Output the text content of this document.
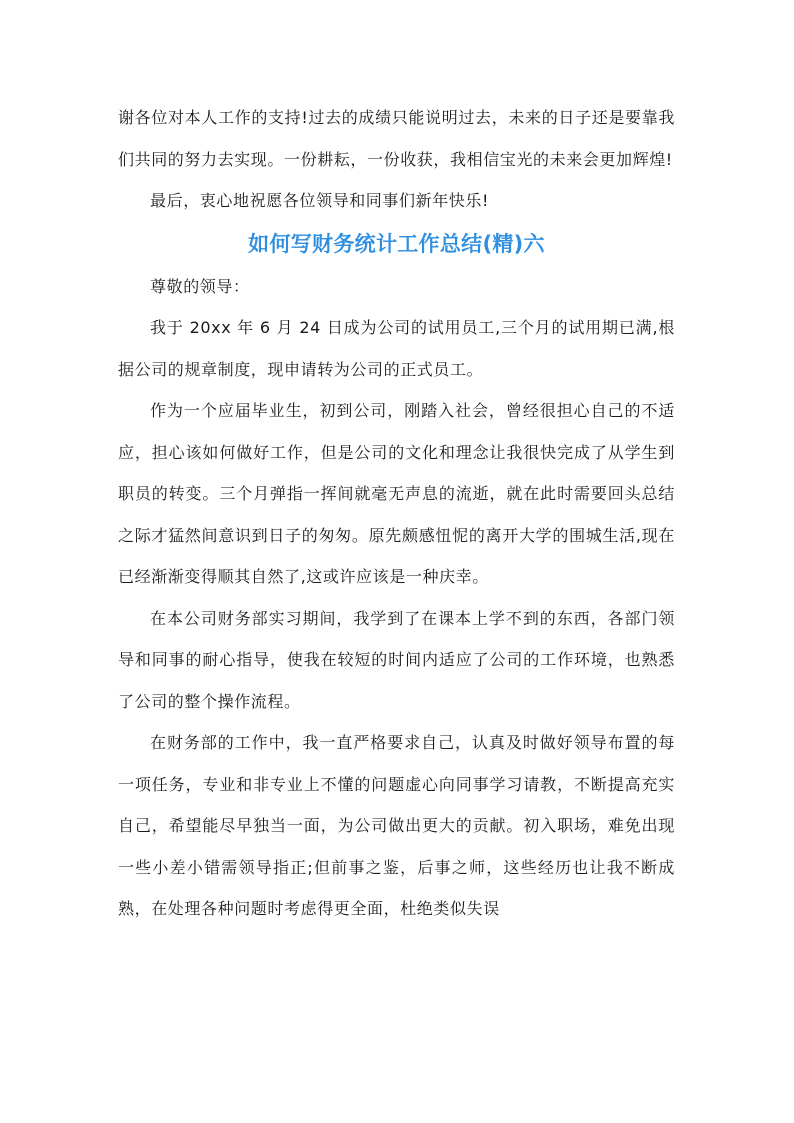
谢各位对本人工作的支持!过去的成绩只能说明过去，未来的日子还是要靠我们共同的努力去实现。一份耕耘，一份收获，我相信宝光的未来会更加辉煌!

最后，衷心地祝愿各位领导和同事们新年快乐!

如何写财务统计工作总结(精)六

尊敬的领导：

我于 20xx 年 6 月 24 日成为公司的试用员工,三个月的试用期已满,根据公司的规章制度，现申请转为公司的正式员工。

作为一个应届毕业生，初到公司，刚踏入社会，曾经很担心自己的不适应，担心该如何做好工作，但是公司的文化和理念让我很快完成了从学生到职员的转变。三个月弹指一挥间就毫无声息的流逝，就在此时需要回头总结之际才猛然间意识到日子的匆匆。原先颇感忸怩的离开大学的围城生活,现在已经渐渐变得顺其自然了,这或许应该是一种庆幸。

在本公司财务部实习期间，我学到了在课本上学不到的东西，各部门领导和同事的耐心指导，使我在较短的时间内适应了公司的工作环境，也熟悉了公司的整个操作流程。

在财务部的工作中，我一直严格要求自己，认真及时做好领导布置的每一项任务，专业和非专业上不懂的问题虚心向同事学习请教，不断提高充实自己，希望能尽早独当一面，为公司做出更大的贡献。初入职场，难免出现一些小差小错需领导指正;但前事之鉴，后事之师，这些经历也让我不断成熟，在处理各种问题时考虑得更全面，杜绝类似失误
